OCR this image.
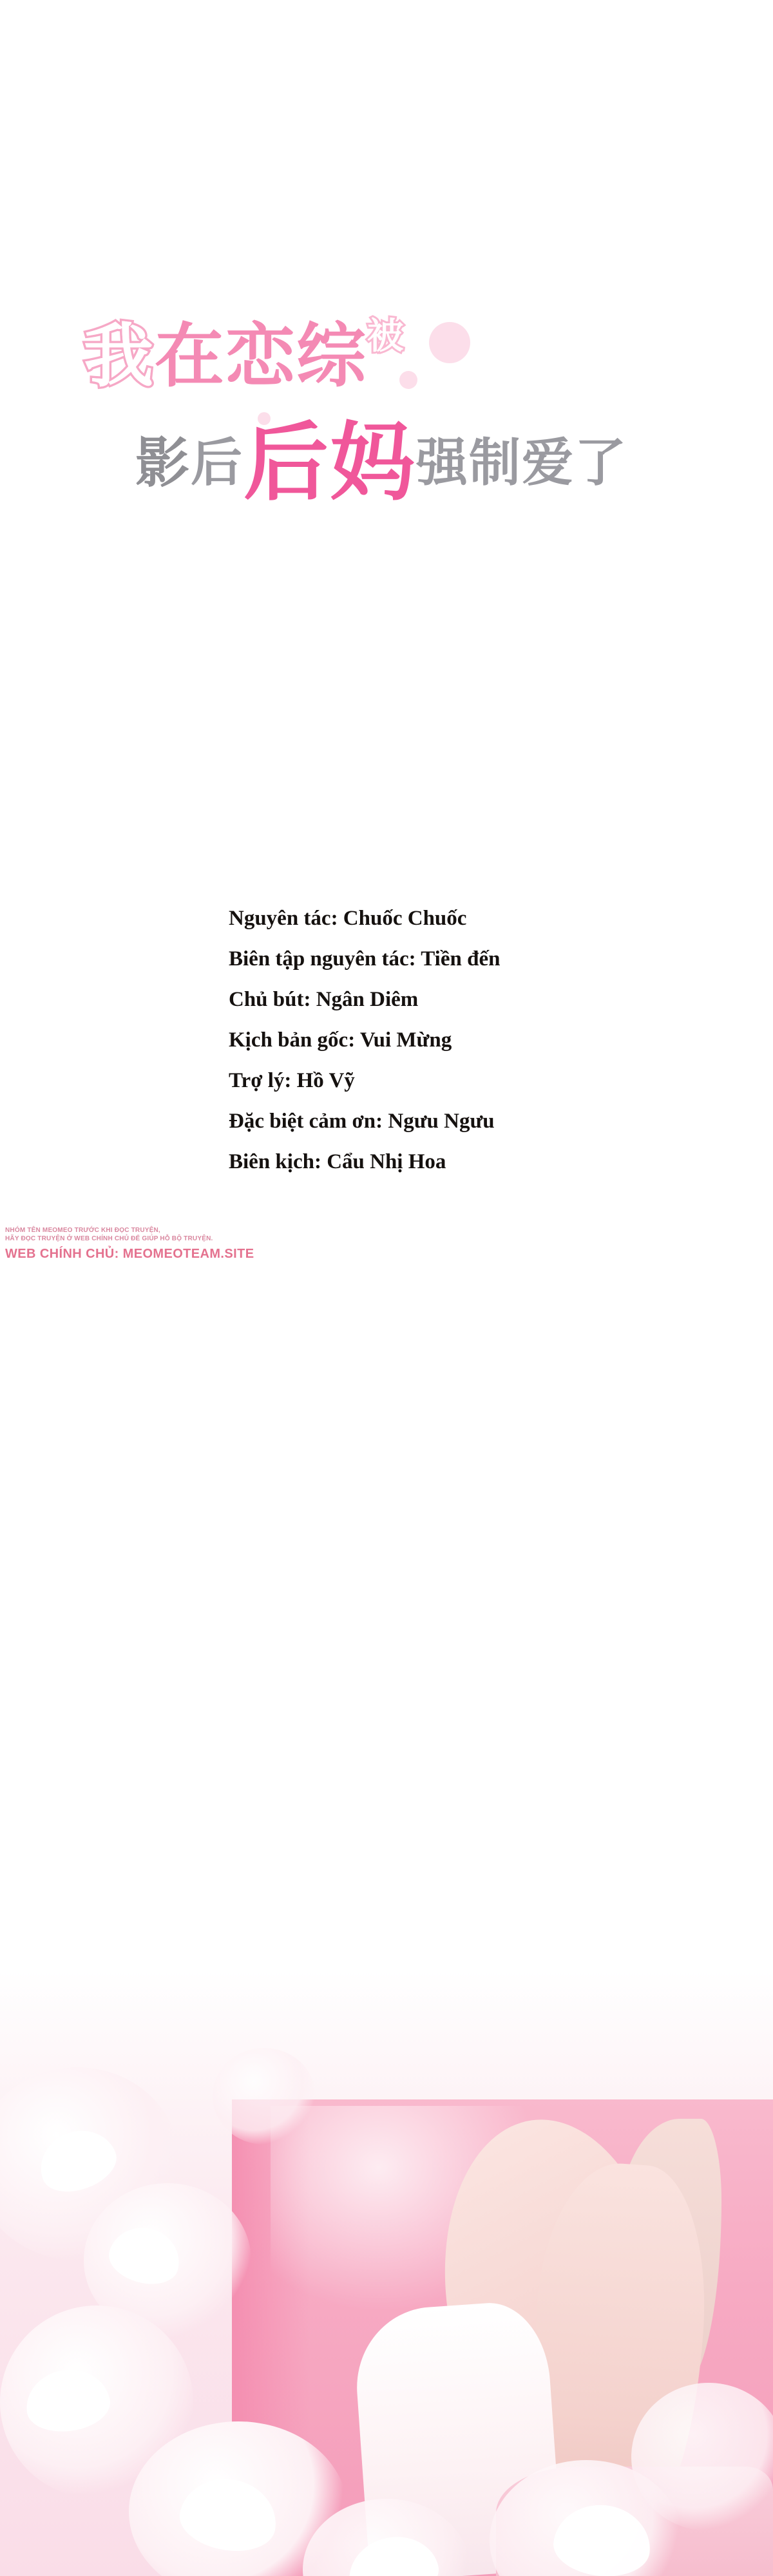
我在恋综被
影后后妈强制爱了
Nguyên tác: Chuốc Chuốc
Biên tập nguyên tác: Tiền đến
Chủ bút: Ngân Diêm
Kịch bản gốc: Vui Mừng
Trợ lý: Hồ Vỹ
Đặc biệt cảm ơn: Ngưu Ngưu
Biên kịch: Cẩu Nhị Hoa
NHÓM TÊN MEOMEO TRƯỚC KHI ĐỌC TRUYỆN,
HÃY ĐỌC TRUYỆN Ở WEB CHÍNH CHỦ ĐỂ GIÚP HỖ BỘ TRUYỆN.
WEB CHÍNH CHỦ: MEOMEOTEAM.SITE
